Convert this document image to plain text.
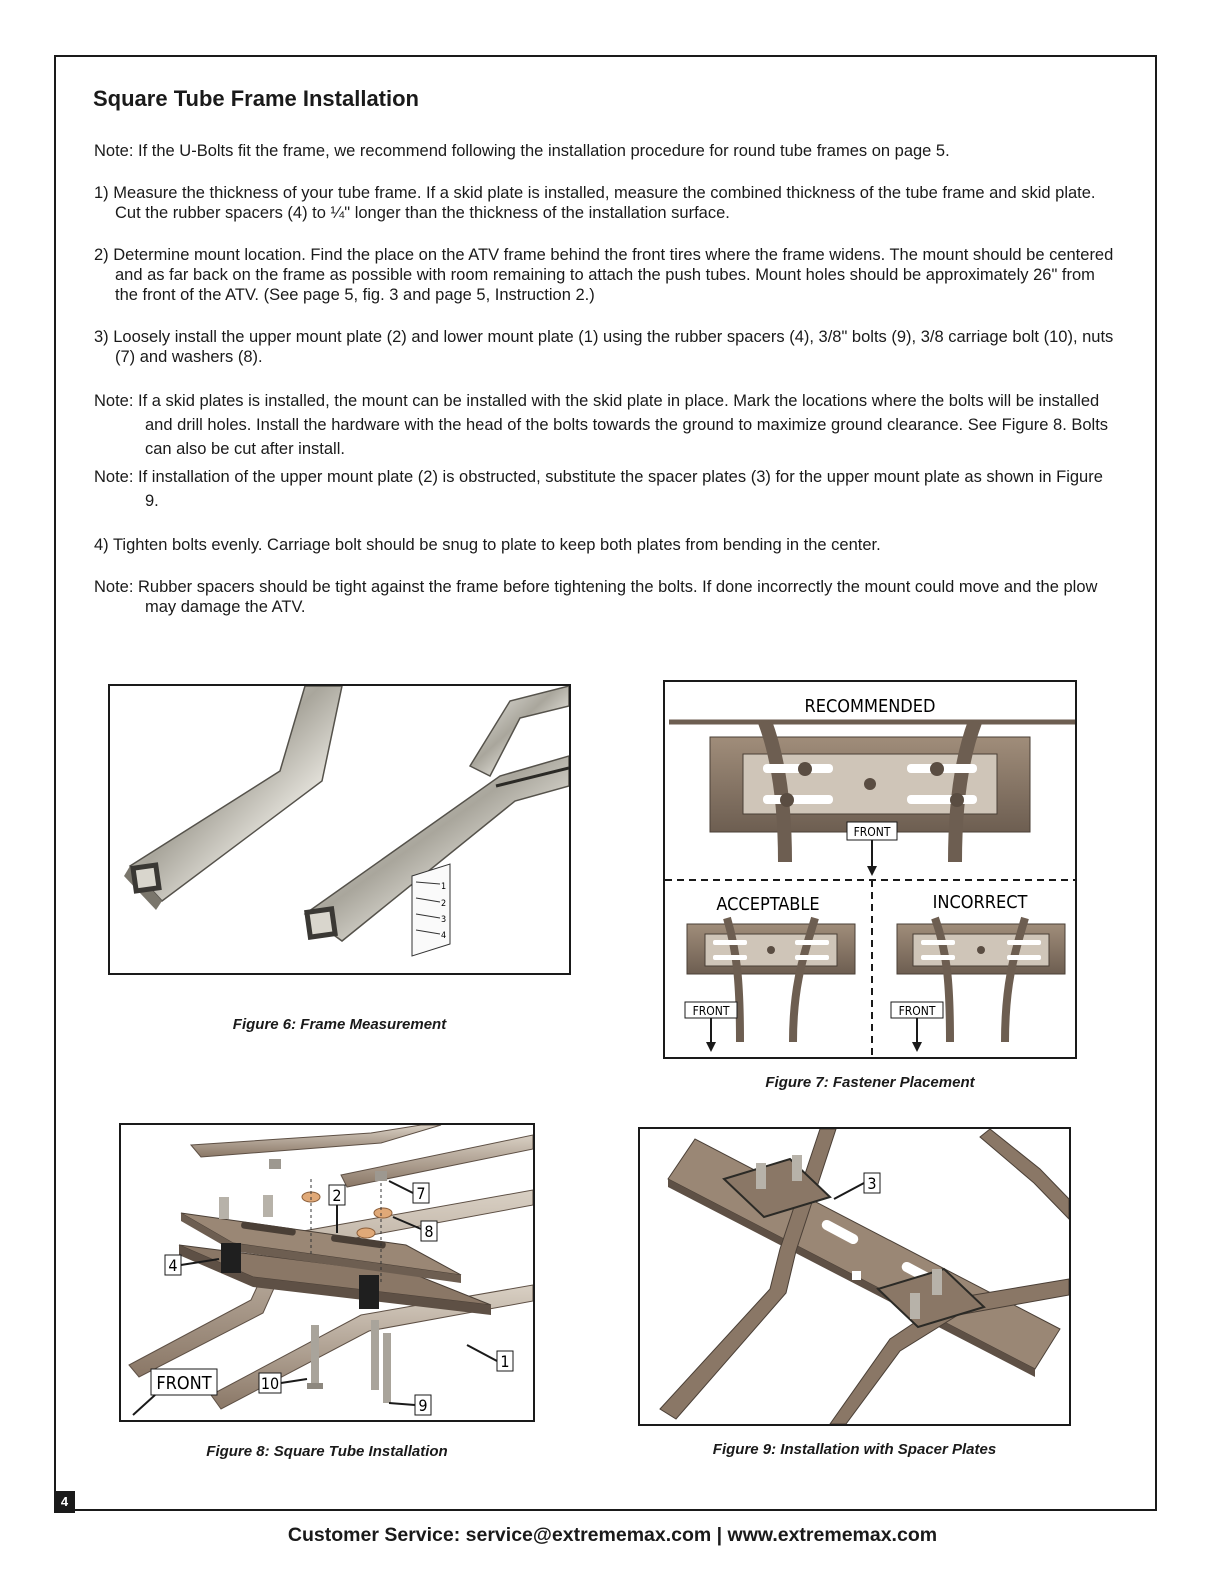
Square Tube Frame Installation

Note: If the U-Bolts fit the frame, we recommend following the installation procedure for round tube frames on page 5.

1) Measure the thickness of your tube frame. If a skid plate is installed, measure the combined thickness of the tube frame and skid plate. Cut the rubber spacers (4) to ¼" longer than the thickness of the installation surface.

2) Determine mount location. Find the place on the ATV frame behind the front tires where the frame widens. The mount should be centered and as far back on the frame as possible with room remaining to attach the push tubes. Mount holes should be approximately 26" from the front of the ATV. (See page 5, fig. 3 and page 5, Instruction 2.)

3) Loosely install the upper mount plate (2) and lower mount plate (1) using the rubber spacers (4), 3/8" bolts (9), 3/8 carriage bolt (10), nuts (7) and washers (8).

Note: If a skid plates is installed, the mount can be installed with the skid plate in place. Mark the locations where the bolts will be installed and drill holes. Install the hardware with the head of the bolts towards the ground to maximize ground clearance. See Figure 8. Bolts can also be cut after install.

Note: If installation of the upper mount plate (2) is obstructed, substitute the spacer plates (3) for the upper mount plate as shown in Figure 9.

4) Tighten bolts evenly. Carriage bolt should be snug to plate to keep both plates from bending in the center.

Note: Rubber spacers should be tight against the frame before tightening the bolts. If done incorrectly the mount could move and the plow may damage the ATV.

1
2
3
4
Figure 6: Frame Measurement
RECOMMENDED
FRONT
ACCEPTABLE	INCORRECT
FRONT	FRONT
Figure 7: Fastener Placement
2	7
8
4
1
10
9
FRONT
Figure 8: Square Tube Installation
3
Figure 9: Installation with Spacer Plates
4
Customer Service: service@extrememax.com | www.extrememax.com
